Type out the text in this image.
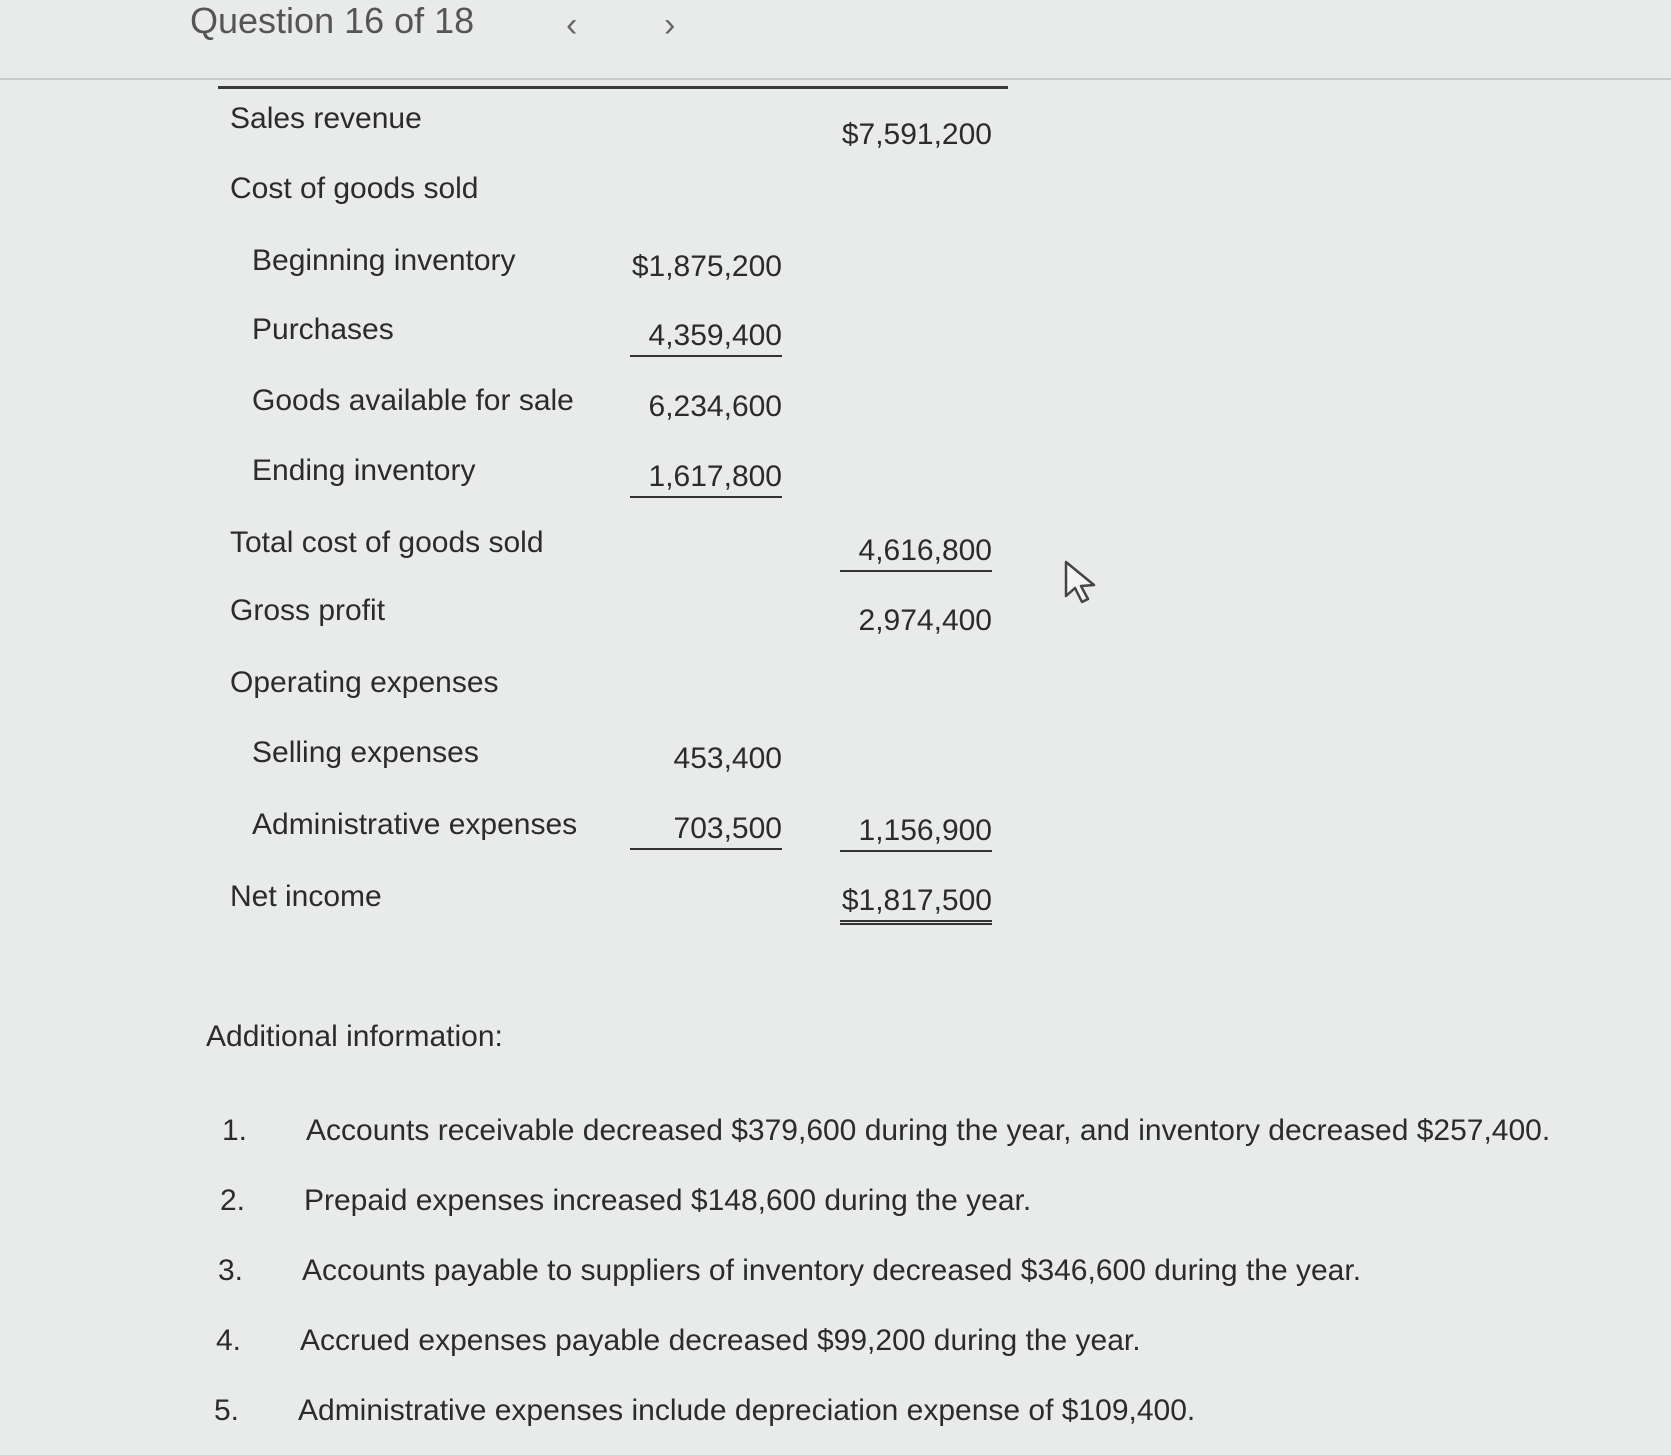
Question 16 of 18	‹	›
Sales revenue	$7,591,200
Cost of goods sold
Beginning inventory	$1,875,200
Purchases	4,359,400
Goods available for sale	6,234,600
Ending inventory	1,617,800
Total cost of goods sold	4,616,800
Gross profit	2,974,400
Operating expenses
Selling expenses	453,400
Administrative expenses	703,500	1,156,900
Net income	$1,817,500
Additional information:
1. Accounts receivable decreased $379,600 during the year, and inventory decreased $257,400.
2. Prepaid expenses increased $148,600 during the year.
3. Accounts payable to suppliers of inventory decreased $346,600 during the year.
4. Accrued expenses payable decreased $99,200 during the year.
5. Administrative expenses include depreciation expense of $109,400.
